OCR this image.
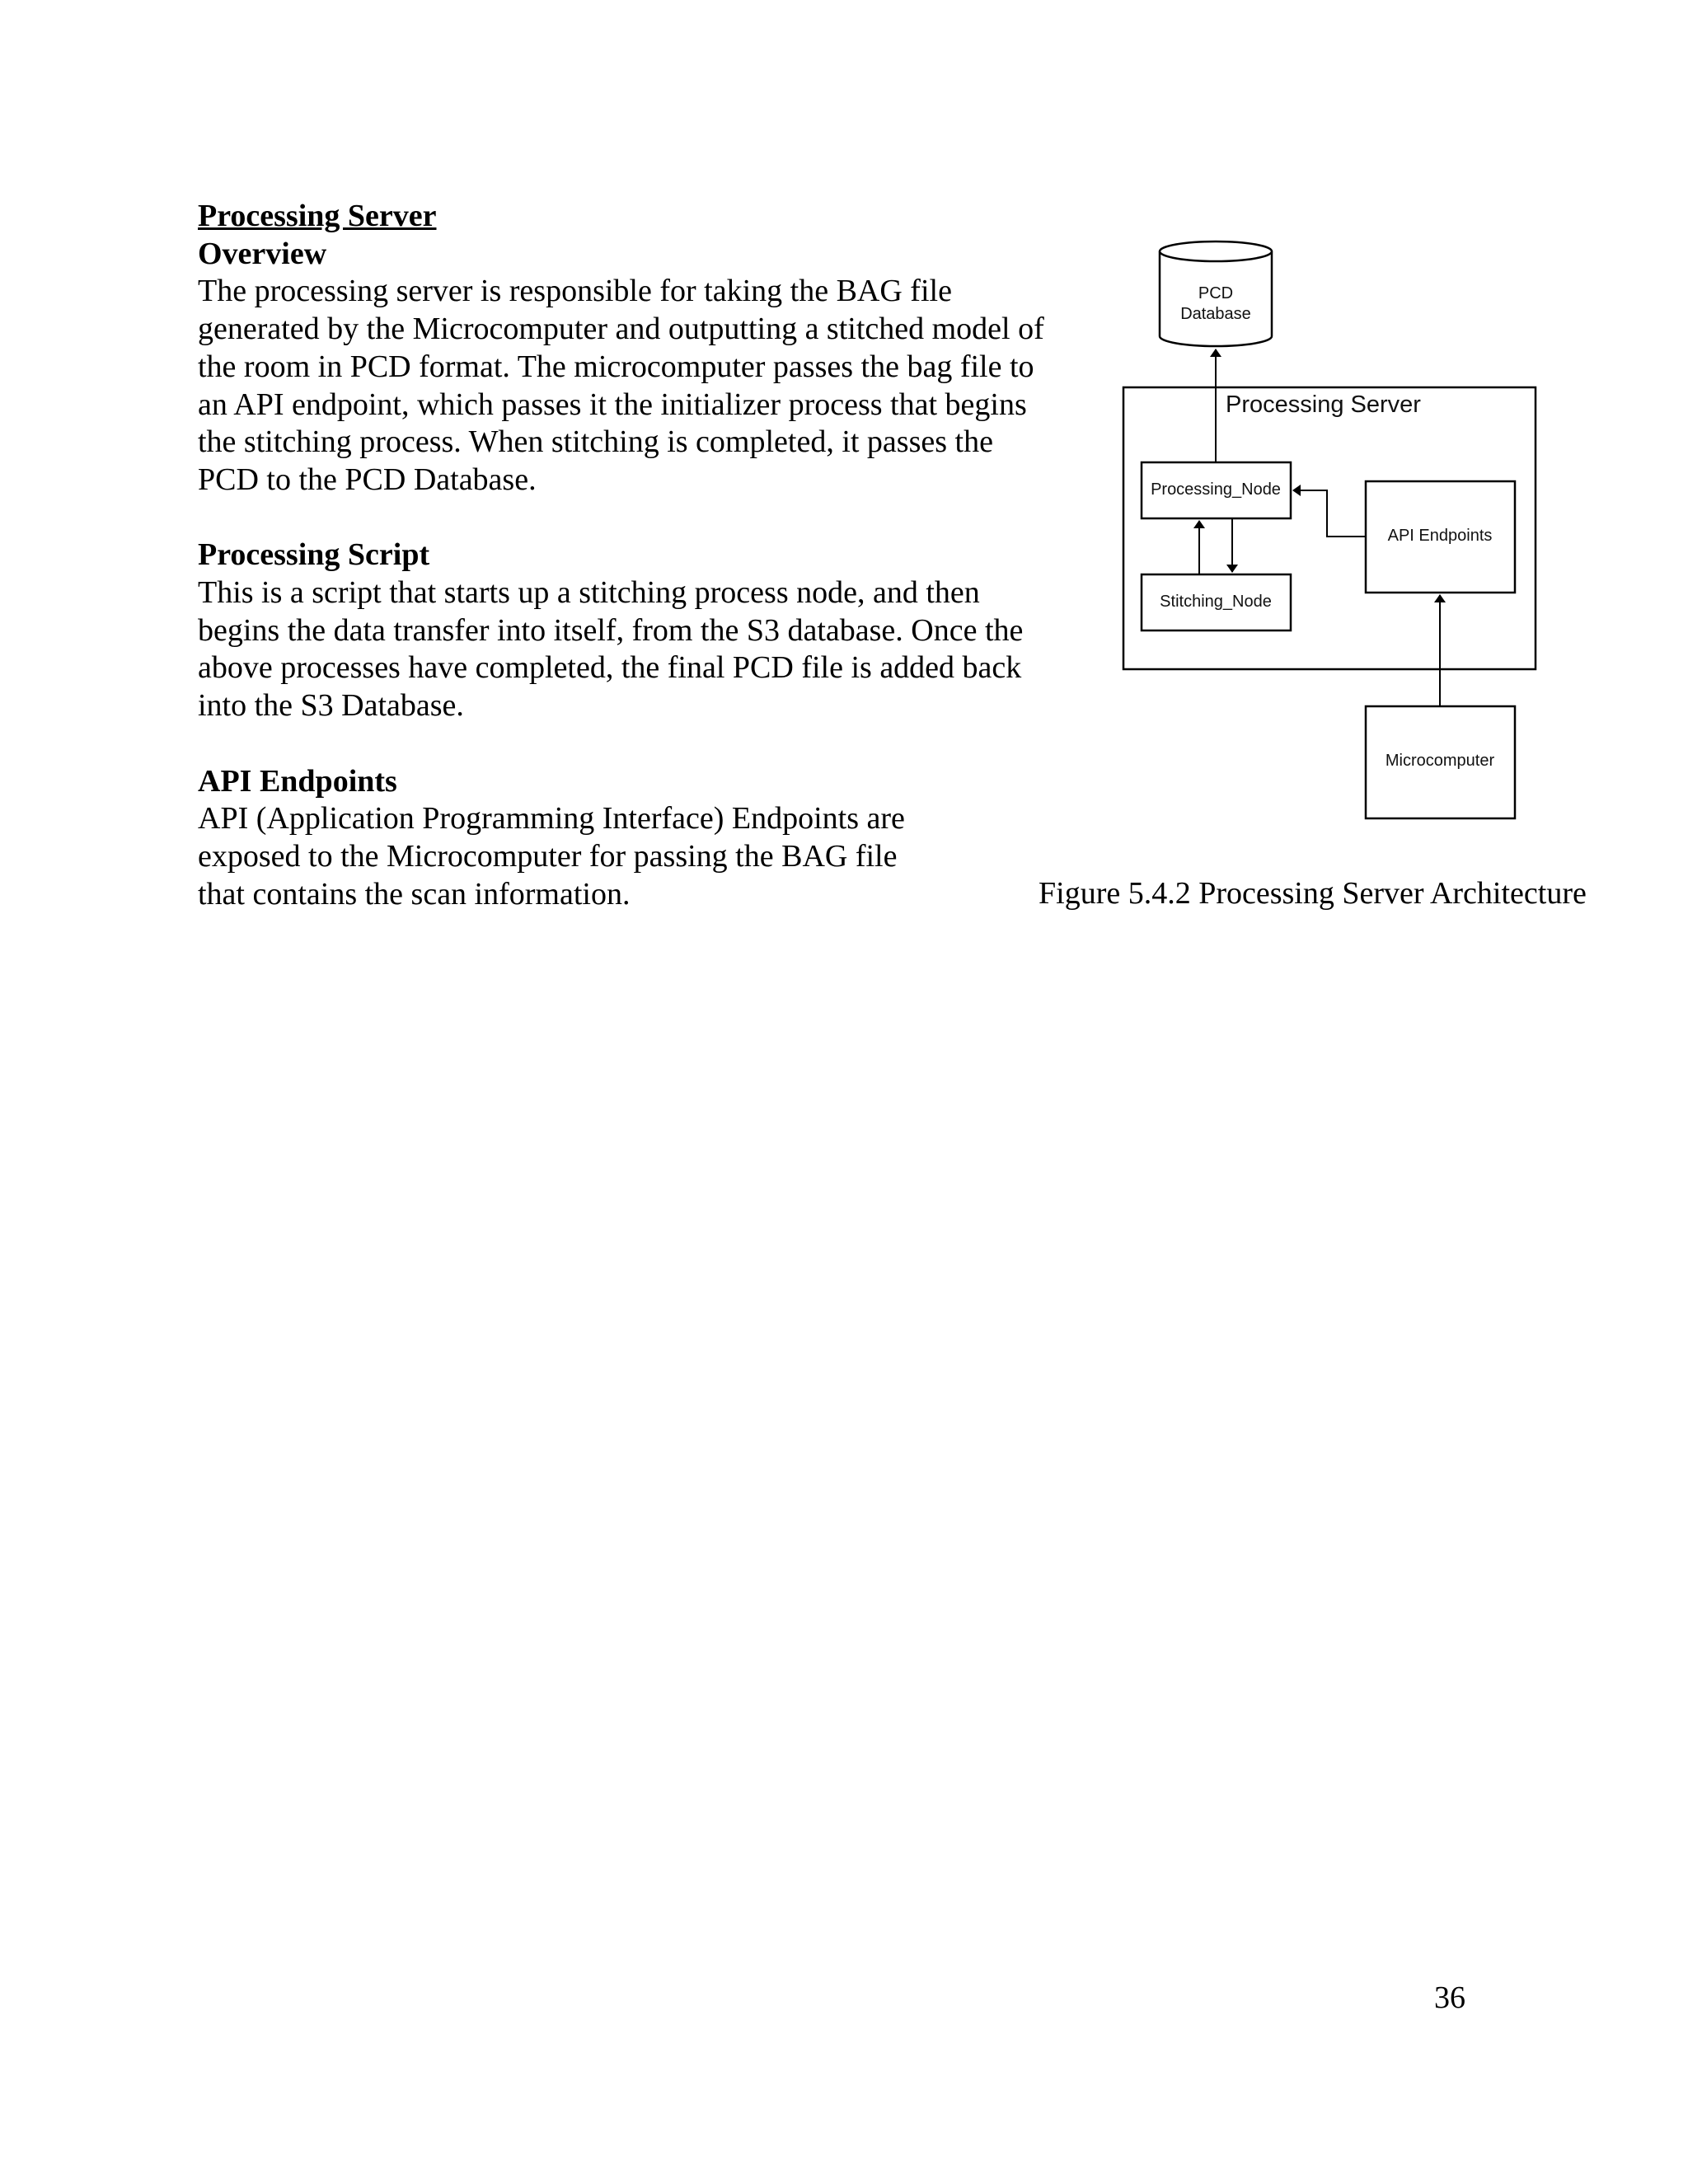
Processing Server

Overview

The processing server is responsible for taking the BAG file
generated by the Microcomputer and outputting a stitched model of
the room in PCD format. The microcomputer passes the bag file to
an API endpoint, which passes it the initializer process that begins
the stitching process. When stitching is completed, it passes the
PCD to the PCD Database.

Processing Script

This is a script that starts up a stitching process node, and then
begins the data transfer into itself, from the S3 database. Once the
above processes have completed, the final PCD file is added back
into the S3 Database.

API Endpoints

API (Application Programming Interface) Endpoints are
exposed to the Microcomputer for passing the BAG file
that contains the scan information.

PCD
Database
Processing Server
Processing_Node
Stitching_Node
API Endpoints
Microcomputer
Figure 5.4.2 Processing Server Architecture
36
